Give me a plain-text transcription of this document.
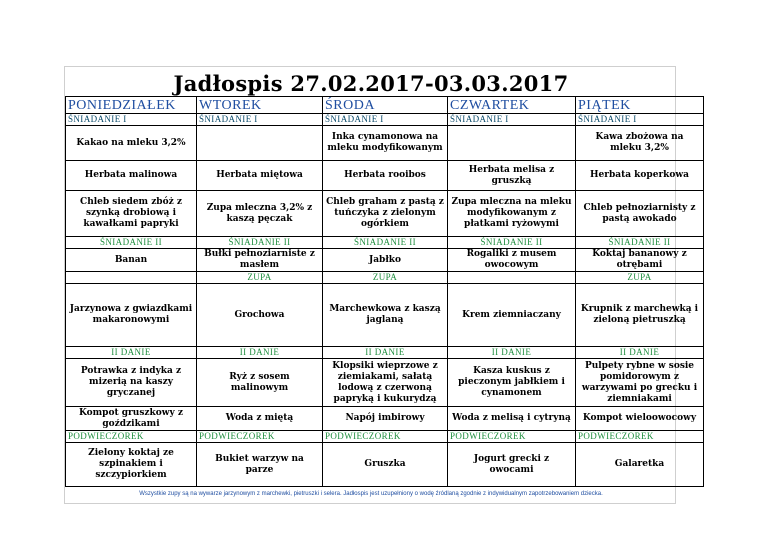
Jadłospis 27.02.2017-03.03.2017
PONIEDZIAŁEK	WTOREK	ŚRODA	CZWARTEK	PIĄTEK
ŚNIADANIE I	ŚNIADANIE I	ŚNIADANIE I	ŚNIADANIE I	ŚNIADANIE I
Kakao na mleku 3,2%		Inka cynamonowa na mleku modyfikowanym		Kawa zbożowa na mleku 3,2%
Herbata malinowa	Herbata miętowa	Herbata rooibos	Herbata melisa z gruszką	Herbata koperkowa
Chleb siedem zbóż z szynką drobiową i kawałkami papryki	Zupa mleczna 3,2% z kaszą pęczak	Chleb graham z pastą z tuńczyka z zielonym ogórkiem	Zupa mleczna na mleku modyfikowanym z płatkami ryżowymi	Chleb pełnoziarnisty z pastą awokado
ŚNIADANIE II	ŚNIADANIE II	ŚNIADANIE II	ŚNIADANIE II	ŚNIADANIE II
Banan	Bułki pełnoziarniste z masłem	Jabłko	Rogaliki z musem owocowym	Koktaj bananowy z otrębami
	ZUPA	ZUPA		ZUPA
Jarzynowa z gwiazdkami makaronowymi	Grochowa	Marchewkowa z kaszą jaglaną	Krem ziemniaczany	Krupnik z marchewką i zieloną pietruszką
II DANIE	II DANIE	II DANIE	II DANIE	II DANIE
Potrawka z indyka z mizerią na kaszy gryczanej	Ryż z sosem malinowym	Klopsiki wieprzowe z ziemiakami, sałatą lodową z czerwoną papryką i kukurydzą	Kasza kuskus z pieczonym jabłkiem i cynamonem	Pulpety rybne w sosie pomidorowym z warzywami po grecku i ziemniakami
Kompot gruszkowy z goździkami	Woda z miętą	Napój imbirowy	Woda z melisą i cytryną	Kompot wieloowocowy
PODWIECZOREK	PODWIECZOREK	PODWIECZOREK	PODWIECZOREK	PODWIECZOREK
Zielony koktaj ze szpinakiem i szczypiorkiem	Bukiet warzyw na parze	Gruszka	Jogurt grecki z owocami	Galaretka
Wszystkie zupy są na wywarze jarzynowym z marchewki, pietruszki i selera. Jadłospis jest uzupełniony o wodę źródlaną zgodnie z indywidualnym zapotrzebowaniem dziecka.
